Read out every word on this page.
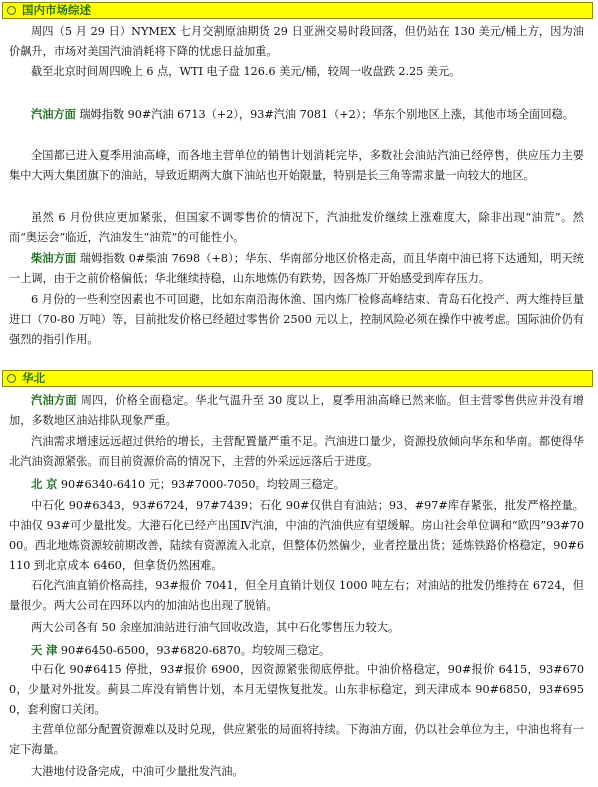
国内市场综述

周四（5 月 29 日）NYMEX 七月交割原油期货 29 日亚洲交易时段回落，但仍站在 130 美元/桶上方，因为油价飙升，市场对美国汽油消耗将下降的忧虑日益加重。

截至北京时间周四晚上 6 点，WTI 电子盘 126.6 美元/桶，较周一收盘跌 2.25 美元。

汽油方面 瑞姆指数 90#汽油 6713（+2），93#汽油 7081（+2）；华东个别地区上涨，其他市场全面回稳。

全国都已进入夏季用油高峰，而各地主营单位的销售计划消耗完毕，多数社会油站汽油已经停售，供应压力主要集中大两大集团旗下的油站，导致近期两大旗下油站也开始限量，特别是长三角等需求量一向较大的地区。

虽然 6 月份供应更加紧张，但国家不调零售价的情况下，汽油批发价继续上涨难度大，除非出现“油荒”。然而“奥运会”临近，汽油发生“油荒”的可能性小。

柴油方面 瑞姆指数 0#柴油 7698（+8）；华东、华南部分地区价格走高，而且华南中油已将下达通知，明天统一上调，由于之前价格偏低；华北继续持稳，山东地炼仍有跌势，因各炼厂开始感受到库存压力。

6 月份的一些利空因素也不可回避，比如东南沿海休渔、国内炼厂检修高峰结束、青岛石化投产、两大维持巨量进口（70-80 万吨）等，目前批发价格已经超过零售价 2500 元以上，控制风险必须在操作中被考虑。国际油价仍有强烈的指引作用。

华北

汽油方面 周四，价格全面稳定。华北气温升至 30 度以上，夏季用油高峰已然来临。但主营零售供应并没有增加，多数地区油站排队现象严重。

汽油需求增速远远超过供给的增长，主营配置量严重不足。汽油进口量少，资源投放倾向华东和华南。都使得华北汽油资源紧张。而目前资源价高的情况下，主营的外采远远落后于进度。

北 京 90#6340-6410 元；93#7000-7050。均较周三稳定。

中石化 90#6343，93#6724，97#7439；石化 90#仅供自有油站；93、#97#库存紧张，批发严格控量。中油仅 93#可少量批发。大港石化已经产出国Ⅳ汽油，中油的汽油供应有望缓解。房山社会单位调和“欧四”93#7000。西北地炼资源较前期改善，陆续有资源流入北京，但整体仍然偏少，业者控量出货；延炼铁路价格稳定，90#6110 到北京成本 6460，但拿货仍然困难。

石化汽油直销价格高挂，93#报价 7041，但全月直销计划仅 1000 吨左右；对油站的批发仍维持在 6724，但量很少。两大公司在四环以内的加油站也出现了脱销。

两大公司各有 50 余座加油站进行油气回收改造，其中石化零售压力较大。

天 津 90#6450-6500，93#6820-6870。均较周三稳定。

中石化 90#6415 停批，93#报价 6900，因资源紧张彻底停批。中油价格稳定，90#报价 6415，93#6700，少量对外批发。蓟县二库没有销售计划，本月无望恢复批发。山东非标稳定，到天津成本 90#6850，93#6950，套利窗口关闭。

主营单位部分配置资源难以及时兑现，供应紧张的局面将持续。下海油方面，仍以社会单位为主，中油也将有一定下海量。

大港地付设备完成，中油可少量批发汽油。
